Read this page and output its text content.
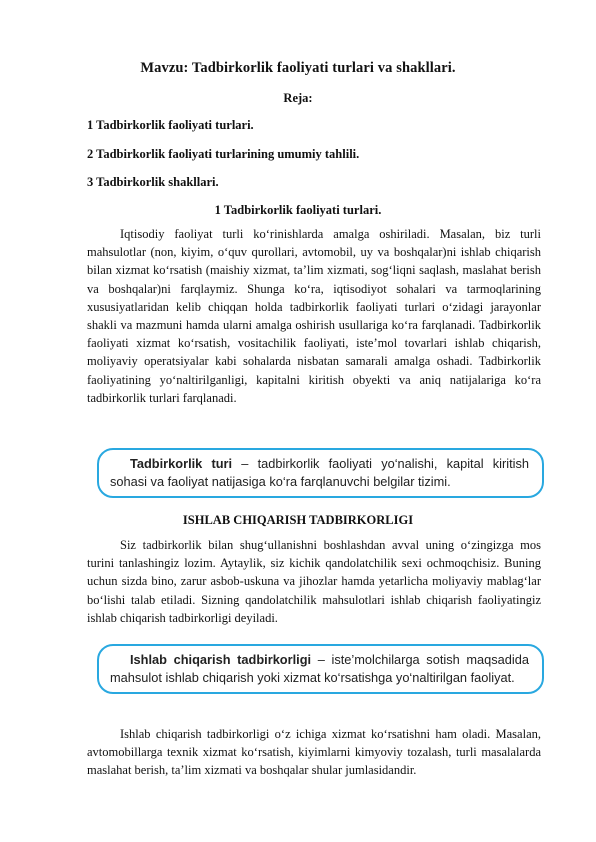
Mavzu: Tadbirkorlik faoliyati turlari va shakllari.
Reja:
1 Tadbirkorlik faoliyati turlari.
2 Tadbirkorlik faoliyati turlarining umumiy tahlili.
3 Tadbirkorlik shakllari.
1 Tadbirkorlik faoliyati turlari.
Iqtisodiy faoliyat turli ko‘rinishlarda amalga oshiriladi. Masalan, biz turli mahsulotlar (non, kiyim, o‘quv qurollari, avtomobil, uy va boshqalar)ni ishlab chiqarish bilan xizmat ko‘rsatish (maishiy xizmat, ta’lim xizmati, sog‘liqni saqlash, maslahat berish va boshqalar)ni farqlaymiz. Shunga ko‘ra, iqtisodiyot sohalari va tarmoqlarining xususiyatlaridan kelib chiqqan holda tadbirkorlik faoliyati turlari o‘zidagi jarayonlar shakli va mazmuni hamda ularni amalga oshirish usullariga ko‘ra farqlanadi. Tadbirkorlik faoliyati xizmat ko‘rsatish, vositachilik faoliyati, iste’mol tovarlari ishlab chiqarish, moliyaviy operatsiyalar kabi sohalarda nisbatan samarali amalga oshadi. Tadbirkorlik faoliyatining yo‘naltirilganligi, kapitalni kiritish obyekti va aniq natijalariga ko‘ra tadbirkorlik turlari farqlanadi.
Tadbirkorlik turi – tadbirkorlik faoliyati yo‘nalishi, kapital kiritish sohasi va faoliyat natijasiga ko‘ra farqlanuvchi belgilar tizimi.
ISHLAB CHIQARISH TADBIRKORLIGI
Siz tadbirkorlik bilan shug‘ullanishni boshlashdan avval uning o‘zingizga mos turini tanlashingiz lozim. Aytaylik, siz kichik qandolatchilik sexi ochmoqchisiz. Buning uchun sizda bino, zarur asbob-uskuna va jihozlar hamda yetarlicha moliyaviy mablag‘lar bo‘lishi talab etiladi. Sizning qandolatchilik mahsulotlari ishlab chiqarish faoliyatingiz ishlab chiqarish tadbirkorligi deyiladi.
Ishlab chiqarish tadbirkorligi – iste’molchilarga sotish maqsadida mahsulot ishlab chiqarish yoki xizmat ko‘rsatishga yo‘naltirilgan faoliyat.
Ishlab chiqarish tadbirkorligi o‘z ichiga xizmat ko‘rsatishni ham oladi. Masalan, avtomobillarga texnik xizmat ko‘rsatish, kiyimlarni kimyoviy tozalash, turli masalalarda maslahat berish, ta’lim xizmati va boshqalar shular jumlasidandir.
